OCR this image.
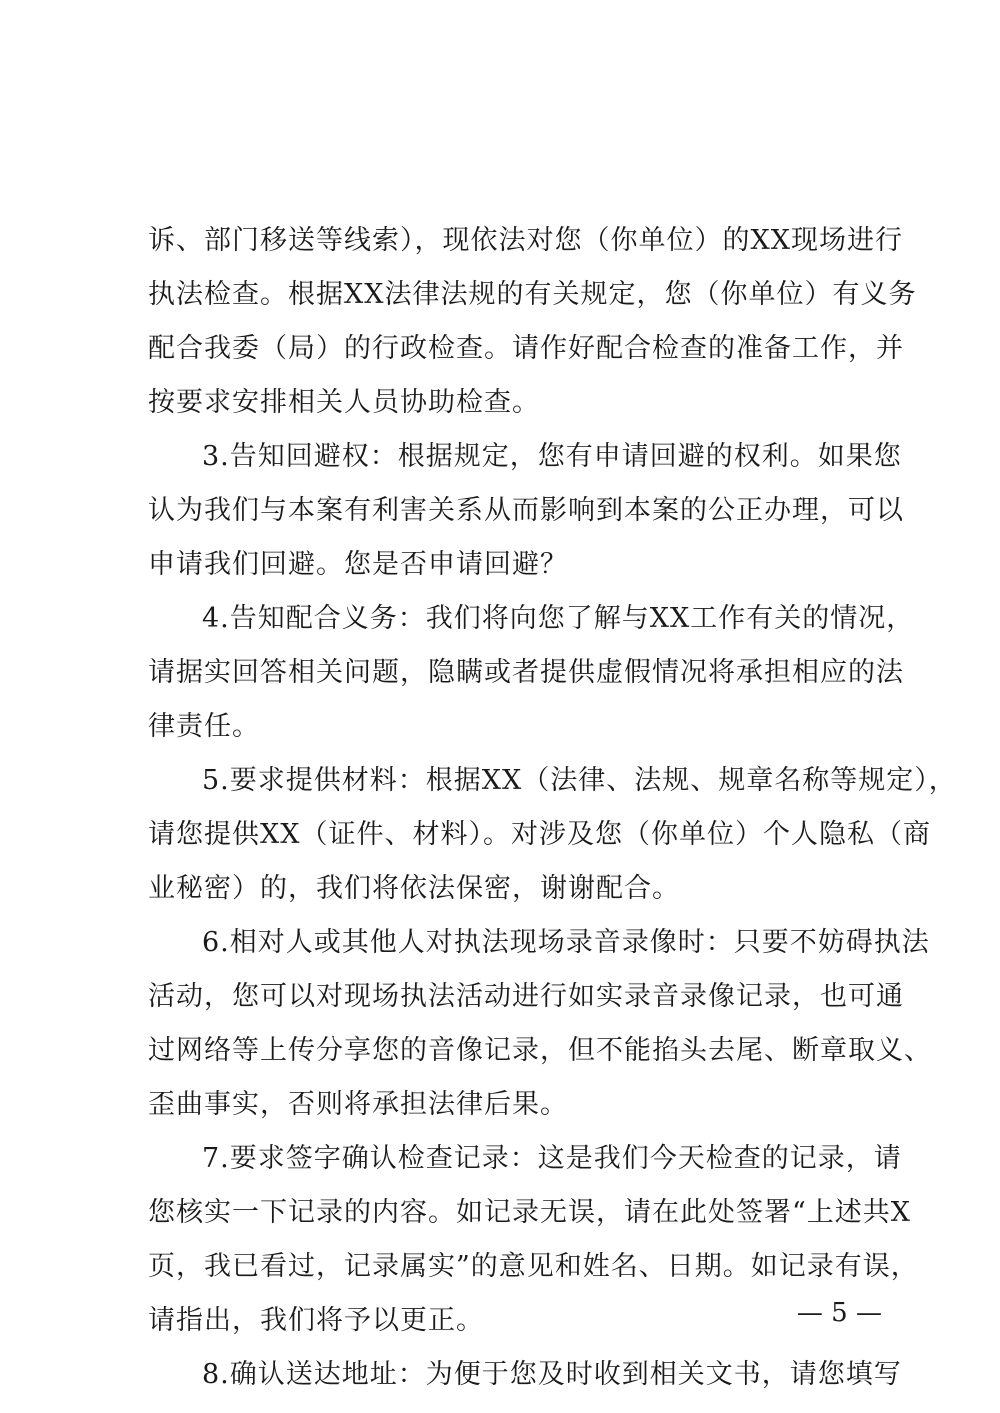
诉、部门移送等线索），现依法对您（你单位）的XX现场进行
执法检查。根据XX法律法规的有关规定，您（你单位）有义务
配合我委（局）的行政检查。请作好配合检查的准备工作，并
按要求安排相关人员协助检查。
3.告知回避权：根据规定，您有申请回避的权利。如果您
认为我们与本案有利害关系从而影响到本案的公正办理，可以
申请我们回避。您是否申请回避？
4.告知配合义务：我们将向您了解与XX工作有关的情况，
请据实回答相关问题，隐瞒或者提供虚假情况将承担相应的法
律责任。
5.要求提供材料：根据XX（法律、法规、规章名称等规定），
请您提供XX（证件、材料）。对涉及您（你单位）个人隐私（商
业秘密）的，我们将依法保密，谢谢配合。
6.相对人或其他人对执法现场录音录像时：只要不妨碍执法
活动，您可以对现场执法活动进行如实录音录像记录，也可通
过网络等上传分享您的音像记录，但不能掐头去尾、断章取义、
歪曲事实，否则将承担法律后果。
7.要求签字确认检查记录：这是我们今天检查的记录，请
您核实一下记录的内容。如记录无误，请在此处签署“上述共X
页，我已看过，记录属实”的意见和姓名、日期。如记录有误，
请指出，我们将予以更正。
8.确认送达地址：为便于您及时收到相关文书，请您填写
— 5 —
